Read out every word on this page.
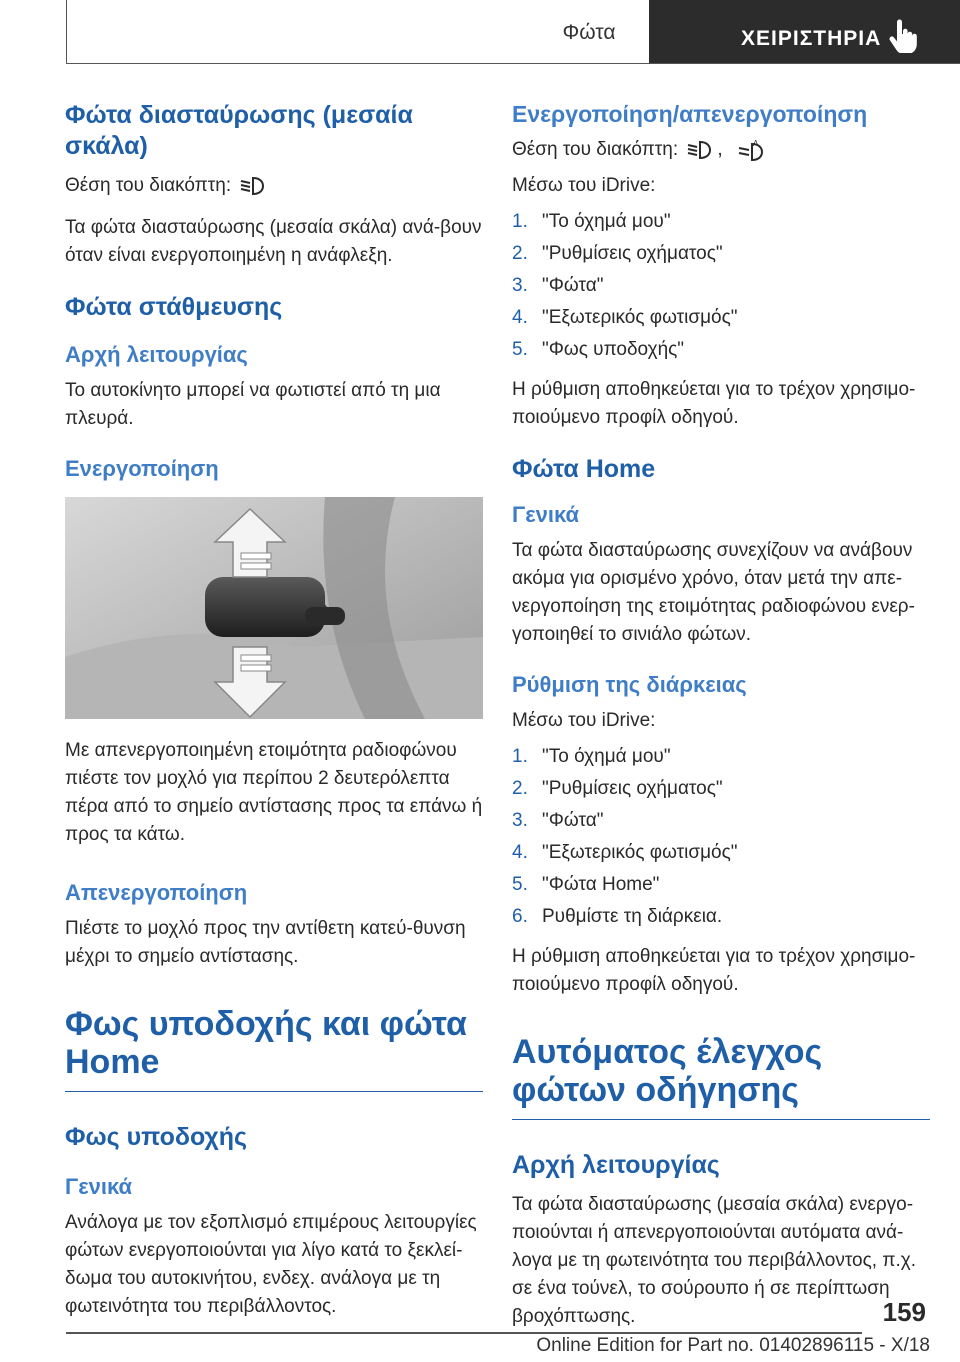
Φώτα	ΧΕΙΡΙΣΤΗΡΙΑ
Φώτα διασταύρωσης (μεσαία σκάλα)

Θέση του διακόπτη:

Τα φώτα διασταύρωσης (μεσαία σκάλα) ανά-βουν όταν είναι ενεργοποιημένη η ανάφλεξη.

Φώτα στάθμευσης
Αρχή λειτουργίας

Το αυτοκίνητο μπορεί να φωτιστεί από τη μια πλευρά.

Ενεργοποίηση

Με απενεργοποιημένη ετοιμότητα ραδιοφώνου πιέστε τον μοχλό για περίπου 2 δευτερόλεπτα πέρα από το σημείο αντίστασης προς τα επάνω ή προς τα κάτω.

Απενεργοποίηση

Πιέστε το μοχλό προς την αντίθετη κατεύ-θυνση μέχρι το σημείο αντίστασης.

Φως υποδοχής και φώτα Home
Φως υποδοχής
Γενικά

Ανάλογα με τον εξοπλισμό επιμέρους λειτουργίες φώτων ενεργοποιούνται για λίγο κατά το ξεκλεί-δωμα του αυτοκινήτου, ενδεχ. ανάλογα με τη φωτεινότητα του περιβάλλοντος.

Ενεργοποίηση/απενεργοποίηση

Θέση του διακόπτη: ,	A

Μέσω του iDrive:

1. "Το όχημά μου"
2. "Ρυθμίσεις οχήματος"
3. "Φώτα"
4. "Εξωτερικός φωτισμός"
5. "Φως υποδοχής"

Η ρύθμιση αποθηκεύεται για το τρέχον χρησιμο-ποιούμενο προφίλ οδηγού.

Φώτα Home
Γενικά

Τα φώτα διασταύρωσης συνεχίζουν να ανάβουν ακόμα για ορισμένο χρόνο, όταν μετά την απε-νεργοποίηση της ετοιμότητας ραδιοφώνου ενερ-γοποιηθεί το σινιάλο φώτων.

Ρύθμιση της διάρκειας

Μέσω του iDrive:

1. "Το όχημά μου"
2. "Ρυθμίσεις οχήματος"
3. "Φώτα"
4. "Εξωτερικός φωτισμός"
5. "Φώτα Home"
6. Ρυθμίστε τη διάρκεια.

Η ρύθμιση αποθηκεύεται για το τρέχον χρησιμο-ποιούμενο προφίλ οδηγού.

Αυτόματος έλεγχος φώτων οδήγησης
Αρχή λειτουργίας

Τα φώτα διασταύρωσης (μεσαία σκάλα) ενεργο-ποιούνται ή απενεργοποιούνται αυτόματα ανά-λογα με τη φωτεινότητα του περιβάλλοντος, π.χ. σε ένα τούνελ, το σούρουπο ή σε περίπτωση βροχόπτωσης.	159
Online Edition for Part no. 01402896115 - X/18
